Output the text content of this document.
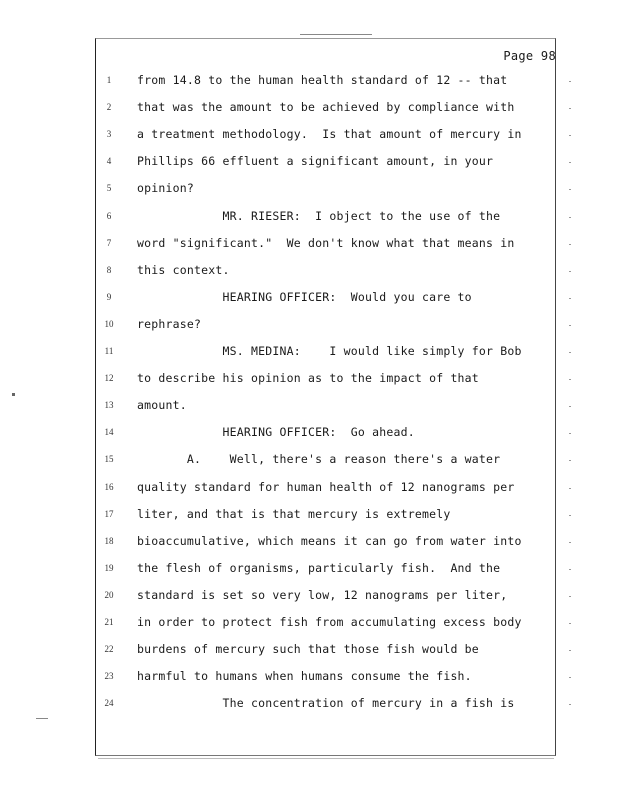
Page 98
1	from 14.8 to the human health standard of 12 -- that
2	that was the amount to be achieved by compliance with
3	a treatment methodology.  Is that amount of mercury in
4	Phillips 66 effluent a significant amount, in your
5	opinion?
6	MR. RIESER:  I object to the use of the
7	word "significant."  We don't know what that means in
8	this context.
9	HEARING OFFICER:  Would you care to
10	rephrase?
11	MS. MEDINA:    I would like simply for Bob
12	to describe his opinion as to the impact of that
13	amount.
14	HEARING OFFICER:  Go ahead.
15	A.    Well, there's a reason there's a water
16	quality standard for human health of 12 nanograms per
17	liter, and that is that mercury is extremely
18	bioaccumulative, which means it can go from water into
19	the flesh of organisms, particularly fish.  And the
20	standard is set so very low, 12 nanograms per liter,
21	in order to protect fish from accumulating excess body
22	burdens of mercury such that those fish would be
23	harmful to humans when humans consume the fish.
24	The concentration of mercury in a fish is
